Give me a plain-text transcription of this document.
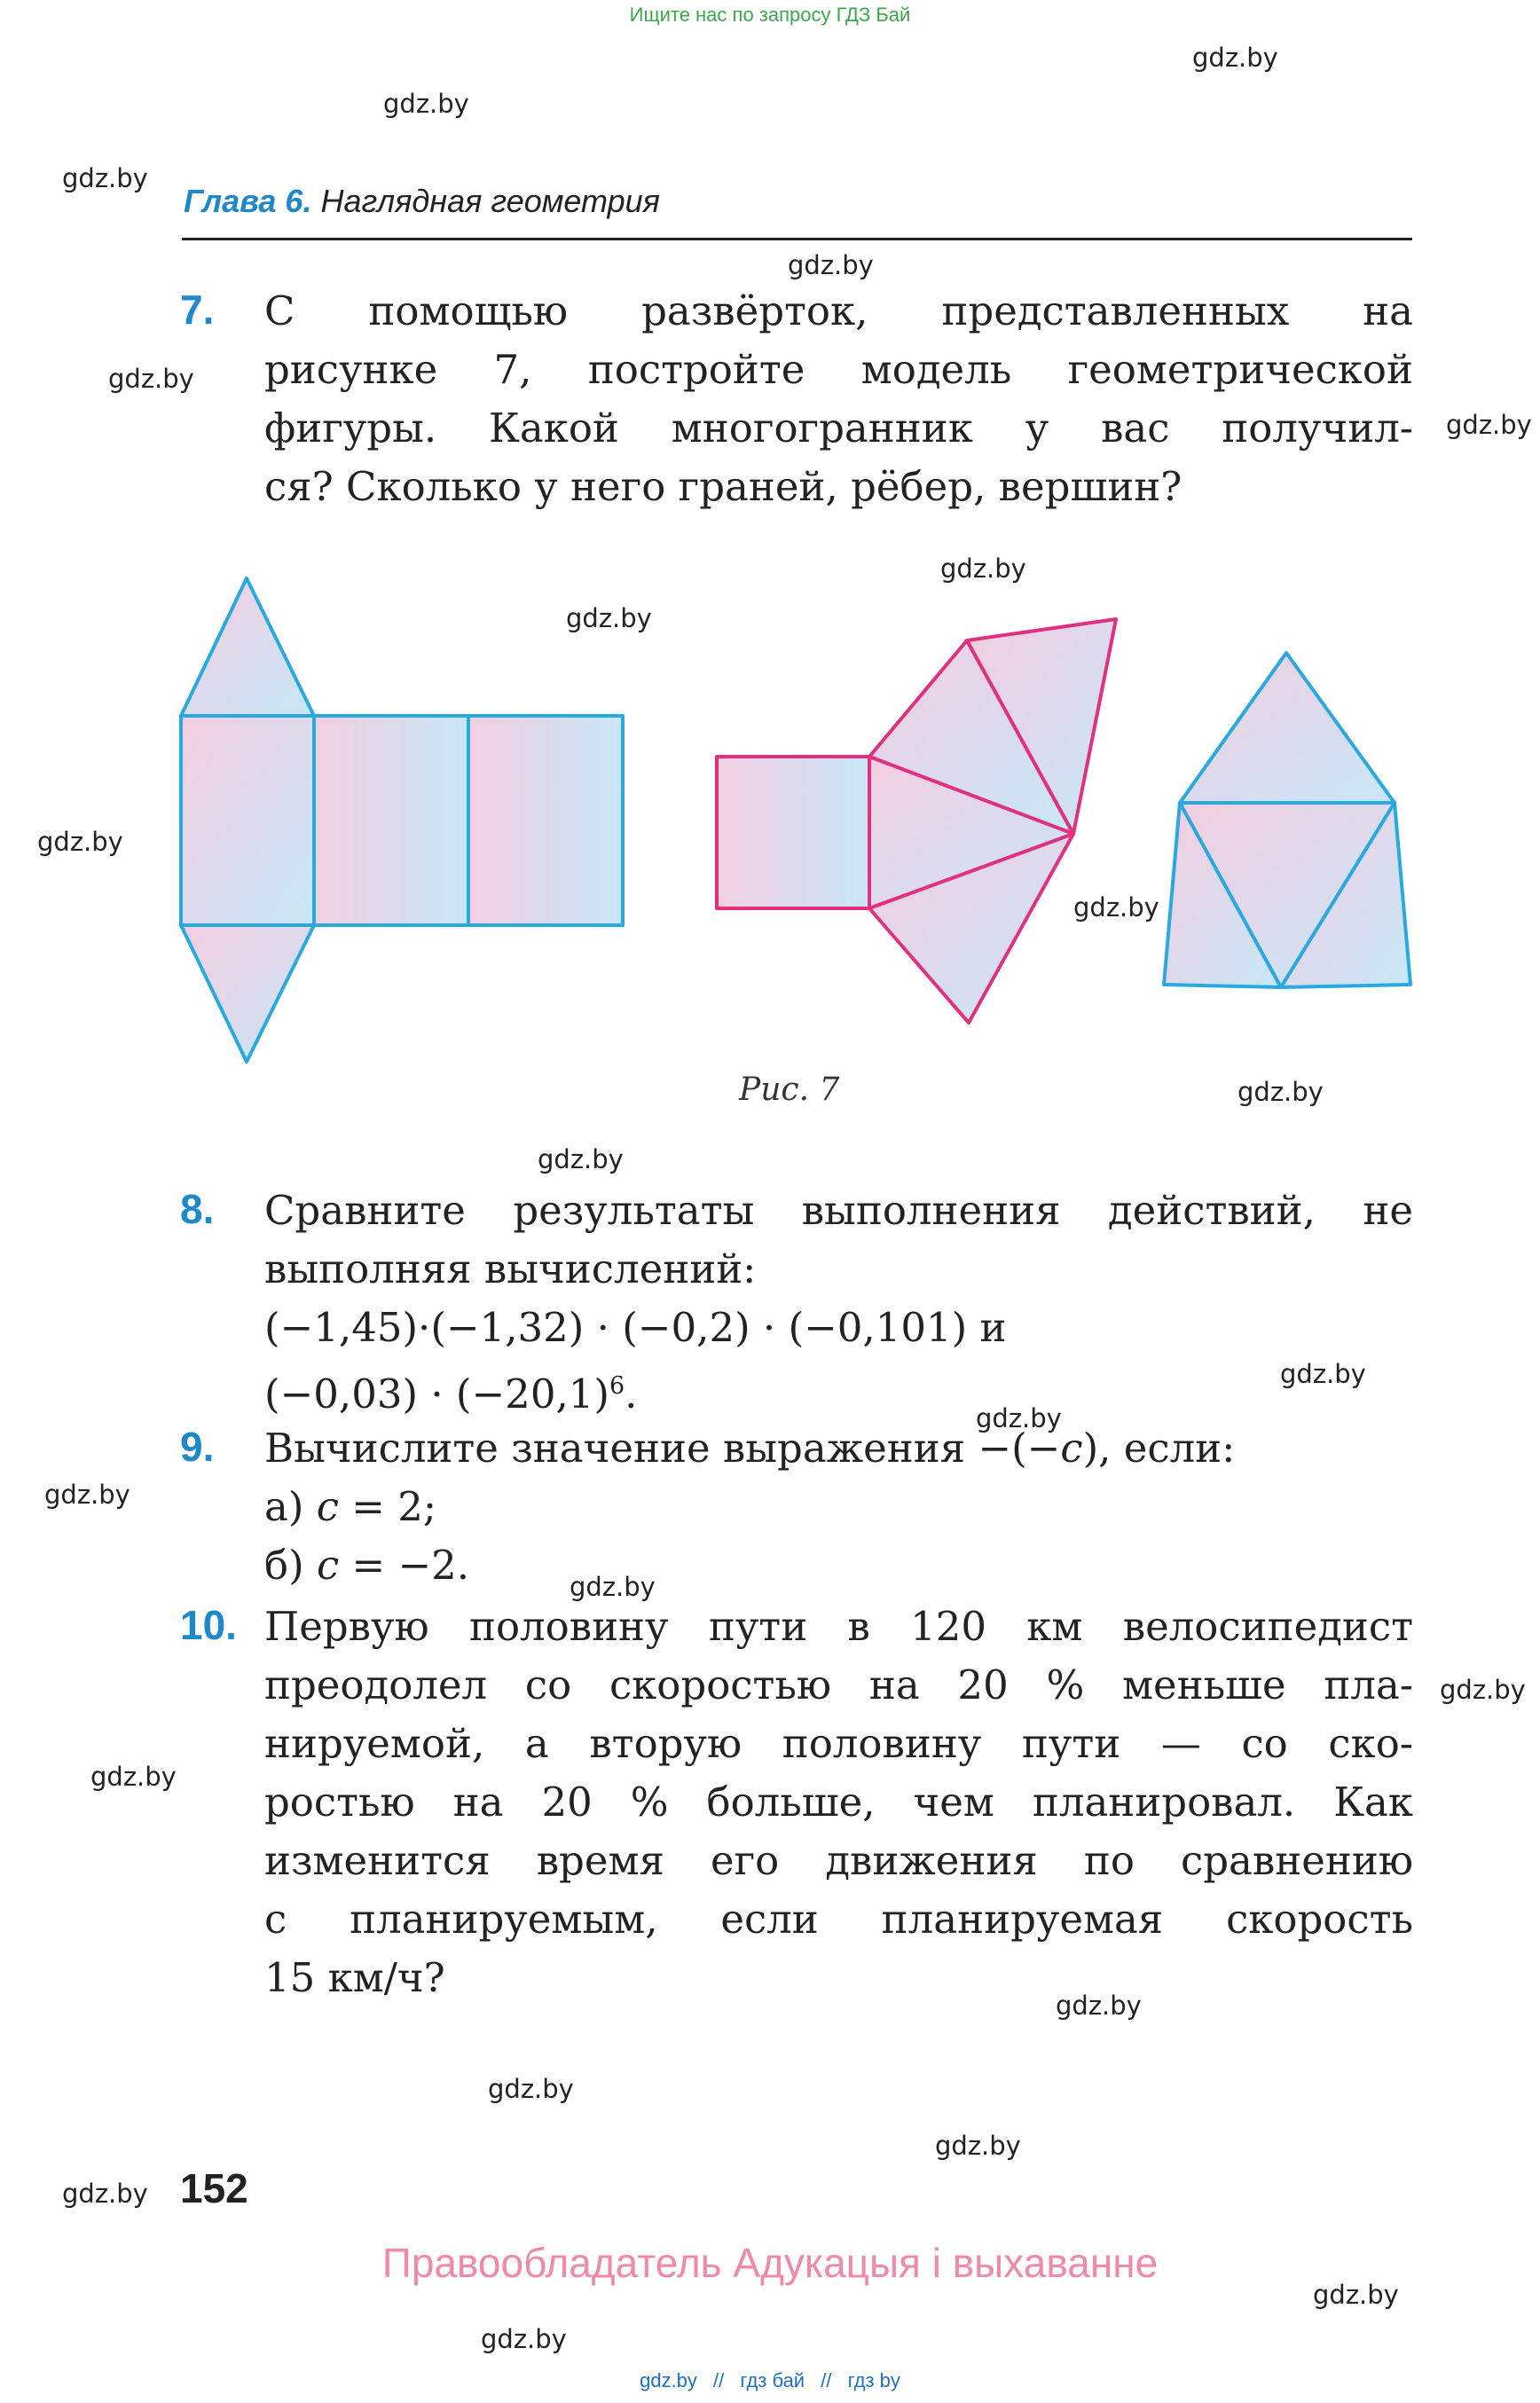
Ищите нас по запросу ГДЗ Бай
gdz.by
gdz.by
gdz.by
gdz.by
gdz.by
gdz.by
gdz.by
gdz.by
gdz.by
gdz.by
gdz.by
gdz.by
gdz.by
gdz.by
gdz.by
gdz.by
gdz.by
gdz.by
gdz.by
gdz.by
gdz.by
gdz.by
gdz.by
gdz.by
Глава 6. Наглядная геометрия
7. С помощью развёрток, представленных на
рисунке 7, постройте модель геометрической
фигуры. Какой многогранник у вас получил-
ся? Сколько у него граней, рёбер, вершин?
Рис. 7
8. Сравните результаты выполнения действий, не
выполняя вычислений:
(−1,45)·(−1,32) · (−0,2) · (−0,101) и
$(-0,03) \cdot (-20,1)^6$.
9. Вычислите значение выражения −(−c), если:
а) c = 2;
б) c = −2.
10. Первую половину пути в 120 км велосипедист
преодолел со скоростью на 20 % меньше пла-
нируемой, а вторую половину пути — со ско-
ростью на 20 % больше, чем планировал. Как
изменится время его движения по сравнению
с планируемым, если планируемая скорость
15 км/ч?
152
Правообладатель Адукацыя і выхаванне
gdz.by // гдз бай // гдз by
